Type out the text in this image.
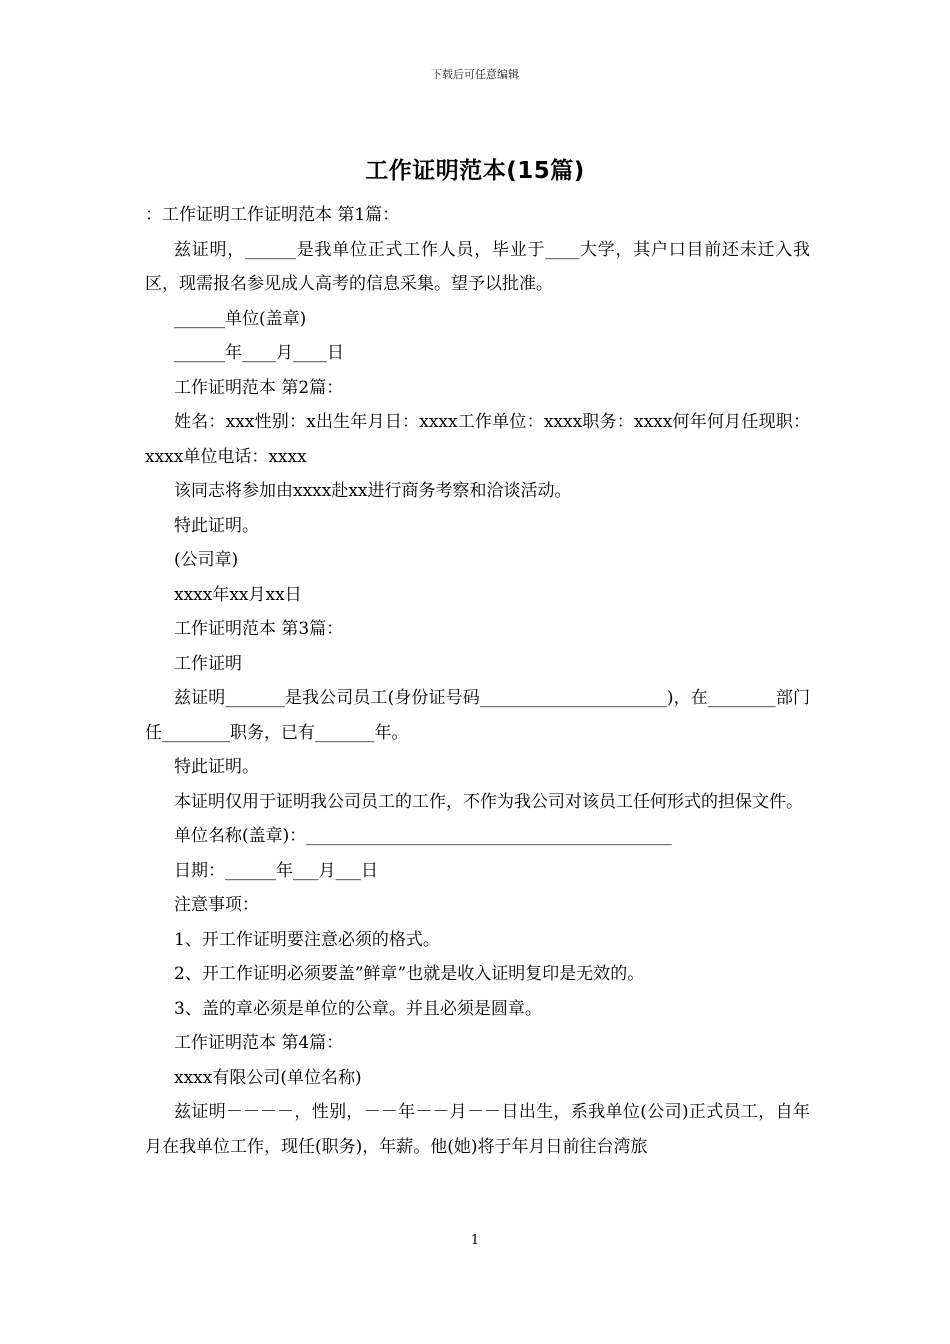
下载后可任意编辑
工作证明范本(15篇)

：工作证明工作证明范本 第1篇：

兹证明，______是我单位正式工作人员，毕业于____大学，其户口目前还未迁入我区，现需报名参见成人高考的信息采集。望予以批准。

______单位(盖章)

______年____月____日

工作证明范本 第2篇：

姓名：xxx性别：x出生年月日：xxxx工作单位：xxxx职务：xxxx何年何月任现职：xxxx单位电话：xxxx

该同志将参加由xxxx赴xx进行商务考察和洽谈活动。

特此证明。

(公司章)

xxxx年xx月xx日

工作证明范本 第3篇：

工作证明

兹证明_______是我公司员工(身份证号码______________________)，在________部门任________职务，已有_______年。

特此证明。

本证明仅用于证明我公司员工的工作，不作为我公司对该员工任何形式的担保文件。

单位名称(盖章)：___________________________________________

日期：______年___月___日

注意事项：

1、开工作证明要注意必须的格式。

2、开工作证明必须要盖”鲜章”也就是收入证明复印是无效的。

3、盖的章必须是单位的公章。并且必须是圆章。

工作证明范本 第4篇：

xxxx有限公司(单位名称)

兹证明－－－－，性别，－－年－－月－－日出生，系我单位(公司)正式员工，自年月在我单位工作，现任(职务)，年薪。他(她)将于年月日前往台湾旅

1
